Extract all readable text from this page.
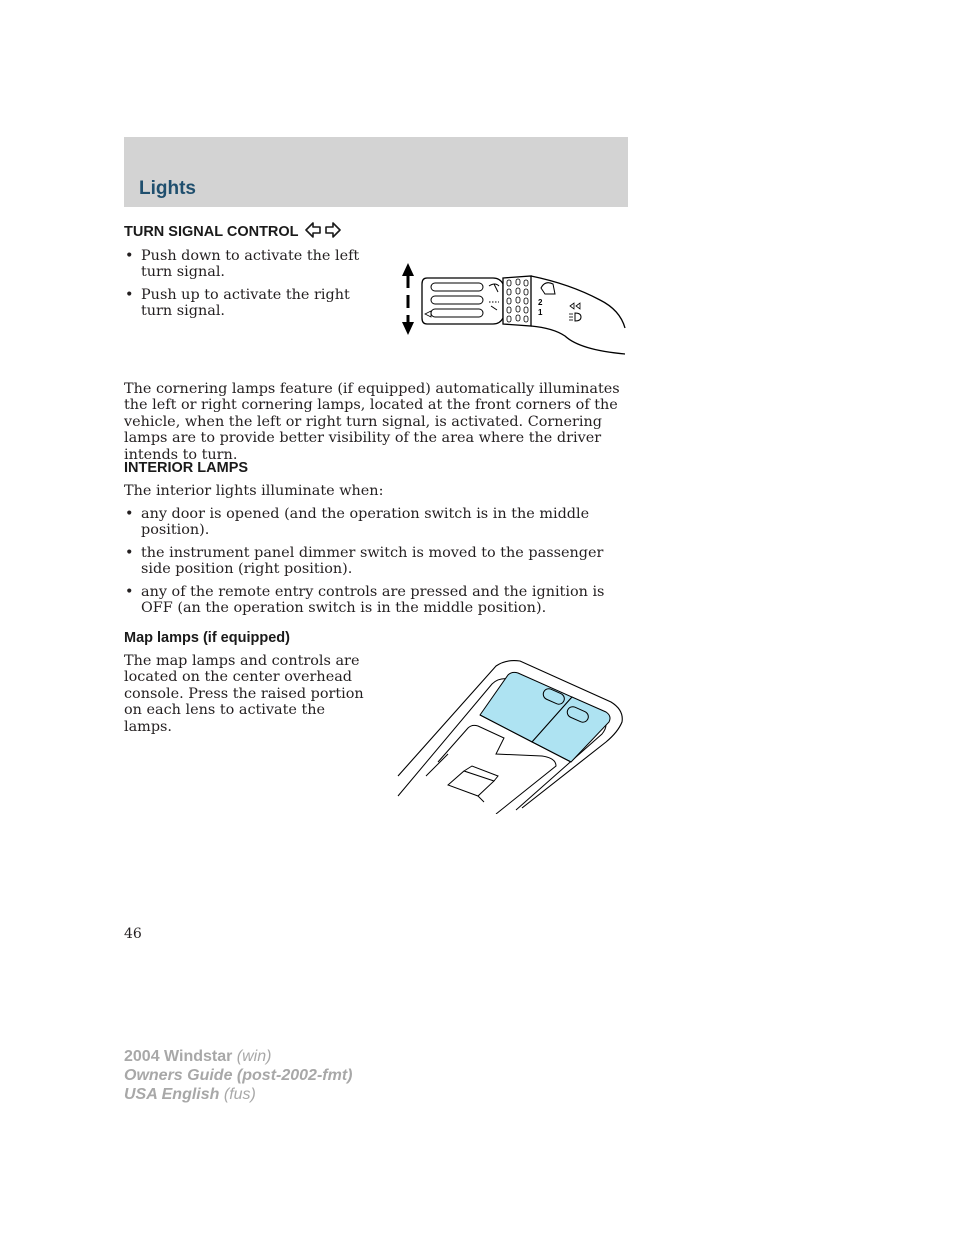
Lights
TURN SIGNAL CONTROL
• Push down to activate the left turn signal.
• Push up to activate the right turn signal.
2
1

The cornering lamps feature (if equipped) automatically illuminates the left or right cornering lamps, located at the front corners of the vehicle, when the left or right turn signal, is activated. Cornering lamps are to provide better visibility of the area where the driver intends to turn.

INTERIOR LAMPS

The interior lights illuminate when:

• any door is opened (and the operation switch is in the middle position).
• the instrument panel dimmer switch is moved to the passenger side position (right position).
• any of the remote entry controls are pressed and the ignition is OFF (an the operation switch is in the middle position).
Map lamps (if equipped)

The map lamps and controls are located on the center overhead console. Press the raised portion on each lens to activate the lamps.

46

2004 Windstar (win)
Owners Guide (post-2002-fmt)
USA English (fus)
